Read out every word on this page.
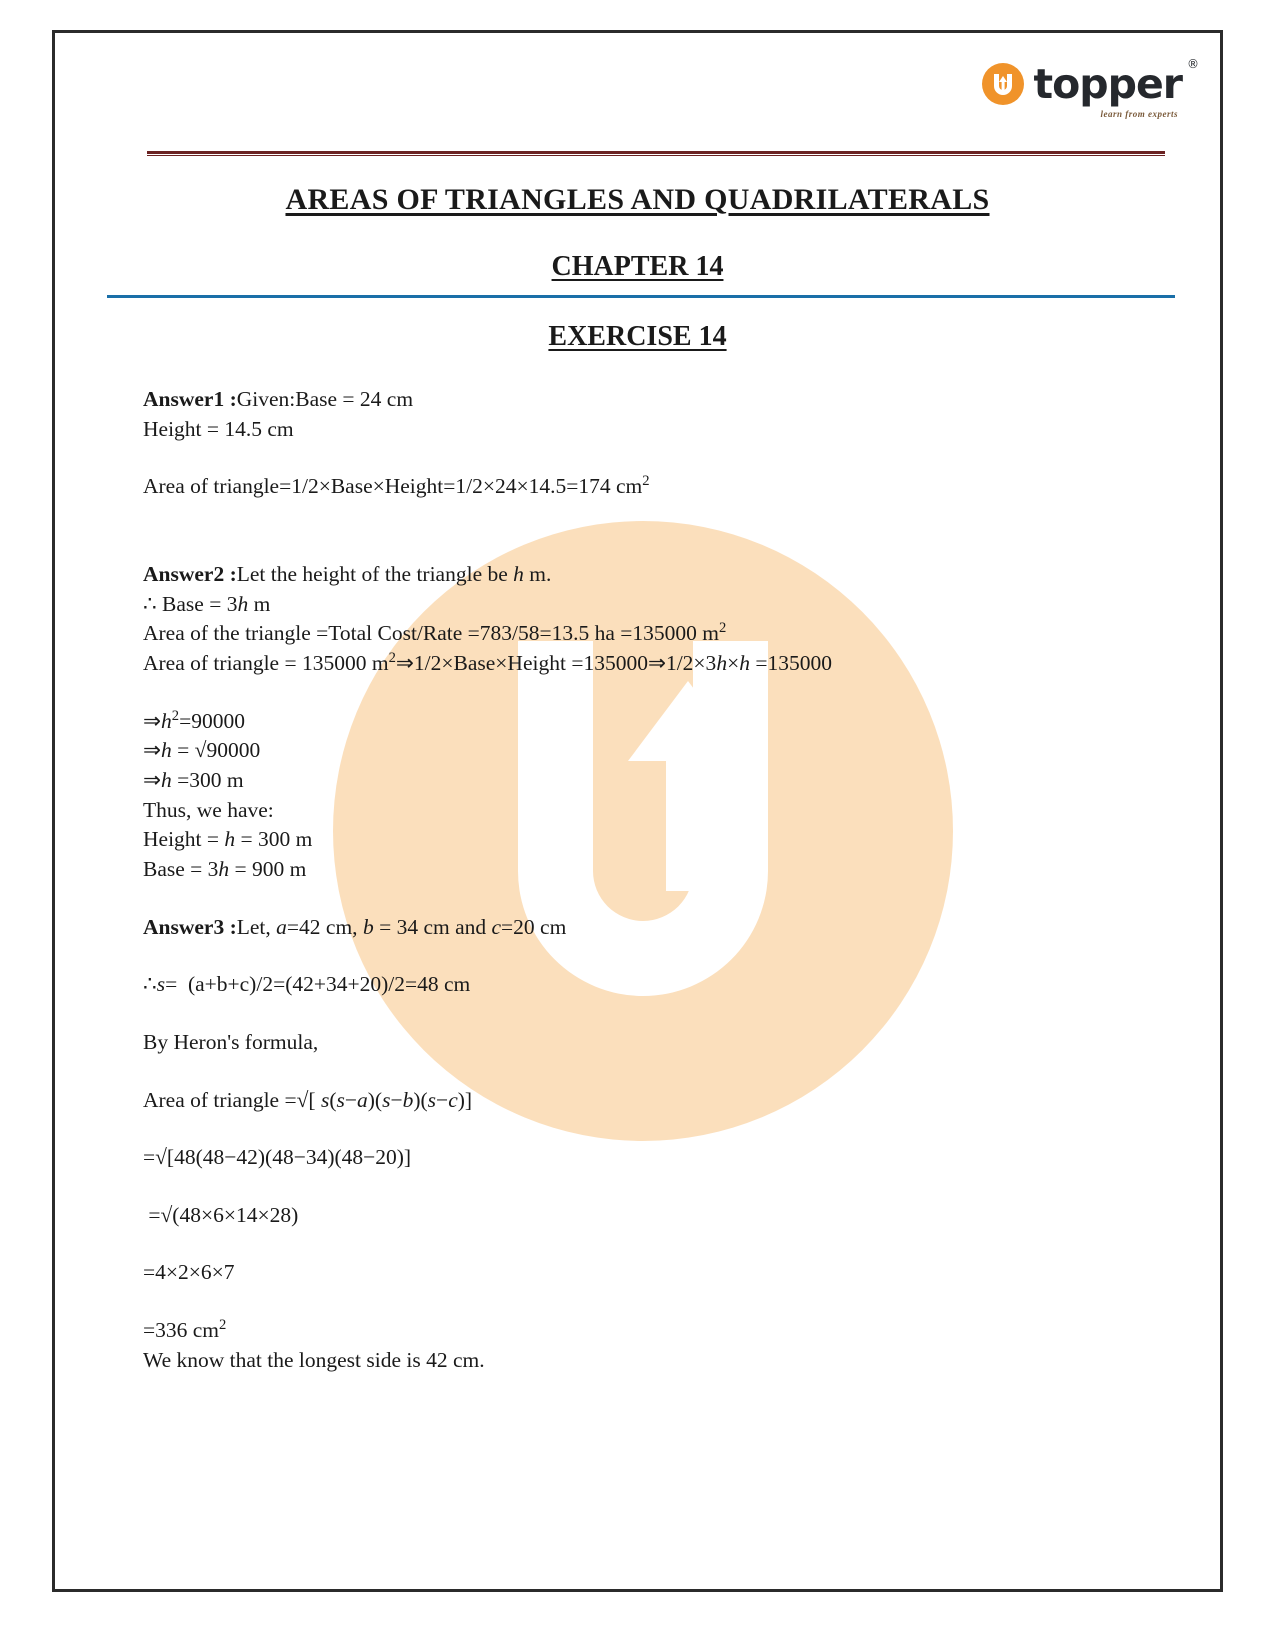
topper ®
learn from experts
AREAS OF TRIANGLES AND QUADRILATERALS
CHAPTER 14
EXERCISE 14
Answer1 :Given:Base = 24 cm
Height = 14.5 cm
Area of triangle=1/2×Base×Height=1/2×24×14.5=174 $cm^2$
Answer2 :Let the height of the triangle be h m.
∴ Base = 3h m
Area of the triangle =Total Cost/Rate =783/58=13.5 ha =135000 $m^2$
Area of triangle = 135000 $m^2\Rightarrow 1/2\times Base\times Height$ =135000⇒1/2×3h×h =135000
$\Rightarrow h^2=90000$
⇒h = √90000
⇒h =300 m
Thus, we have:
Height = h = 300 m
Base = 3h = 900 m
Answer3 :Let, a=42 cm, b = 34 cm and c=20 cm
∴s=  (a+b+c)/2=(42+34+20)/2=48 cm
By Heron's formula,
Area of triangle =√[ s(s−a)(s−b)(s−c)]
=√[48(48−42)(48−34)(48−20)]
=√(48×6×14×28)
=4×2×6×7
=336 $cm^2$
We know that the longest side is 42 cm.
